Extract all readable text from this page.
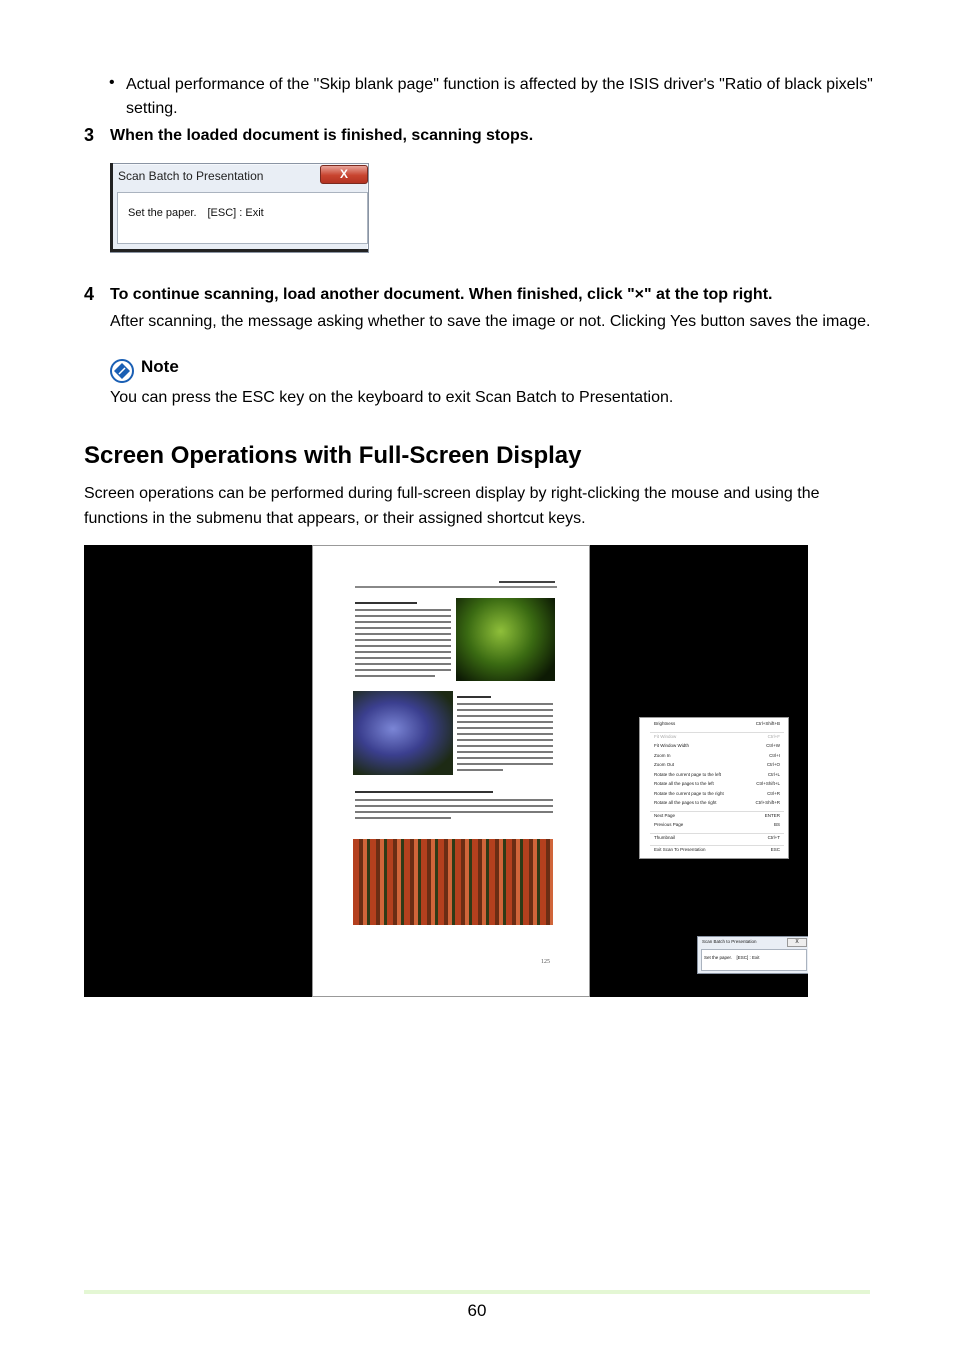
• Actual performance of the "Skip blank page" function is affected by the ISIS driver's "Ratio of black pixels" setting.
3 When the loaded document is finished, scanning stops.
Scan Batch to Presentation	X
Set the paper.　[ESC] : Exit
4 To continue scanning, load another document. When finished, click "×" at the top right.
After scanning, the message asking whether to save the image or not. Clicking Yes button saves the image.
Note
You can press the ESC key on the keyboard to exit Scan Batch to Presentation.
Screen Operations with Full-Screen Display
Screen operations can be performed during full-screen display by right-clicking the mouse and using the functions in the submenu that appears, or their assigned shortcut keys.
125
Brightness	Ctrl+Shift+B
Fit Window	Ctrl+F
Fit Window Width	Ctrl+W
Zoom In	Ctrl+I
Zoom Out	Ctrl+O
Rotate the current page to the left	Ctrl+L
Rotate all the pages to the left	Ctrl+Shift+L
Rotate the current page to the right	Ctrl+R
Rotate all the pages to the right	Ctrl+Shift+R
Next Page	ENTER
Previous Page	BS
Thumbnail	Ctrl+T
Exit Scan To Presentation	ESC
Scan Batch to Presentation	X
Set the paper.　[ESC] : Exit
60
